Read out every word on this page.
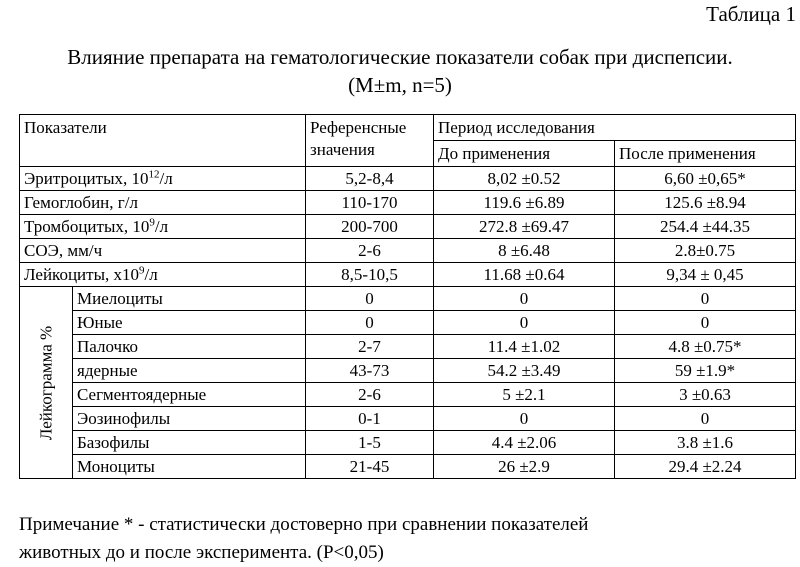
Таблица 1
Влияние препарата на гематологические показатели собак при диспепсии.
(M±m, n=5)
Показатели		Референсные значения	Период исследования	
			До применения	После применения
Эритроцитых, $10^{12}/л$		5,2-8,4	8,02 ±0.52	6,60 ±0,65*
Гемоглобин, г/л		110-170	119.6 ±6.89	125.6 ±8.94
Тромбоцитых, $10^9/л$		200-700	272.8 ±69.47	254.4 ±44.35
СОЭ, мм/ч		2-6	8 ±6.48	2.8±0.75
Лейкоциты, $х10^9/л$		8,5-10,5	11.68 ±0.64	9,34 ± 0,45

Лейкограмма %	Миелоциты	0	0	0
	Юные	0	0	0
	Палочко	2-7	11.4 ±1.02	4.8 ±0.75*
	ядерные	43-73	54.2 ±3.49	59 ±1.9*
	Сегментоядерные	2-6	5 ±2.1	3 ±0.63
	Эозинофилы	0-1	0	0
	Базофилы	1-5	4.4 ±2.06	3.8 ±1.6
	Моноциты	21-45	26 ±2.9	29.4 ±2.24
Примечание * - статистически достоверно при сравнении показателей
животных до и после эксперимента. (P<0,05)
